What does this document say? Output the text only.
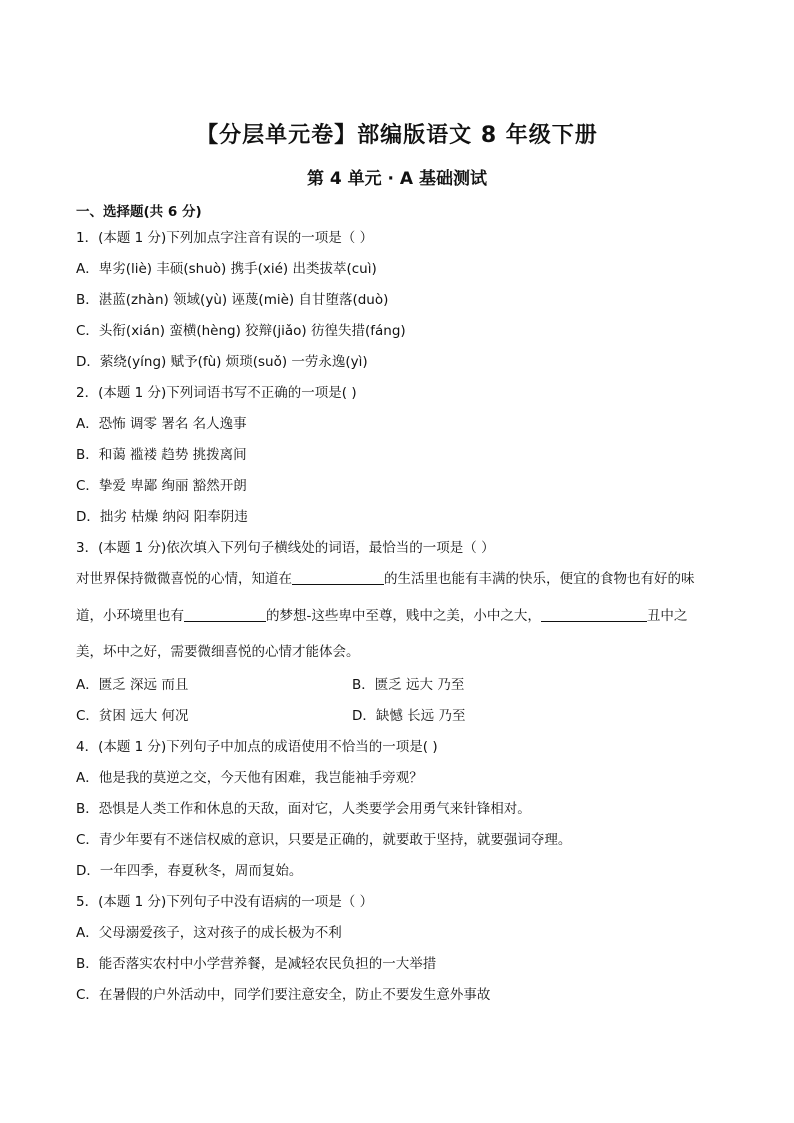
【分层单元卷】部编版语文 8 年级下册
第 4 单元 · A 基础测试
一、选择题(共 6 分)
1．(本题 1 分)下列加点字注音有误的一项是（ ）
A．卑劣(liè) 丰硕(shuò) 携手(xié) 出类拔萃(cuì)
B．湛蓝(zhàn) 领域(yù) 诬蔑(miè) 自甘堕落(duò)
C．头衔(xián) 蛮横(hèng) 狡辩(jiǎo) 彷徨失措(fáng)
D．萦绕(yíng) 赋予(fù) 烦琐(suǒ) 一劳永逸(yì)
2．(本题 1 分)下列词语书写不正确的一项是( )
A．恐怖 调零 署名 名人逸事
B．和蔼 褴褛 趋势 挑拨离间
C．挚爱 卑鄙 绚丽 豁然开朗
D．拙劣 枯燥 纳闷 阳奉阴违
3．(本题 1 分)依次填入下列句子横线处的词语，最恰当的一项是（ ）
对世界保持微微喜悦的心情，知道在	的生活里也能有丰满的快乐，便宜的食物也有好的味
道，小环境里也有	的梦想-这些卑中至尊，贱中之美，小中之大，	丑中之
美，坏中之好，需要微细喜悦的心情才能体会。
A．匮乏 深远 而且	B．匮乏 远大 乃至
C．贫困 远大 何况	D．缺憾 长远 乃至
4．(本题 1 分)下列句子中加点的成语使用不恰当的一项是( )
A．他是我的莫逆之交，今天他有困难，我岂能袖手旁观？
B．恐惧是人类工作和休息的天敌，面对它，人类要学会用勇气来针锋相对。
C．青少年要有不迷信权威的意识，只要是正确的，就要敢于坚持，就要强词夺理。
D．一年四季，春夏秋冬，周而复始。
5．(本题 1 分)下列句子中没有语病的一项是（ ）
A．父母溺爱孩子，这对孩子的成长极为不利
B．能否落实农村中小学营养餐，是减轻农民负担的一大举措
C．在暑假的户外活动中，同学们要注意安全，防止不要发生意外事故
